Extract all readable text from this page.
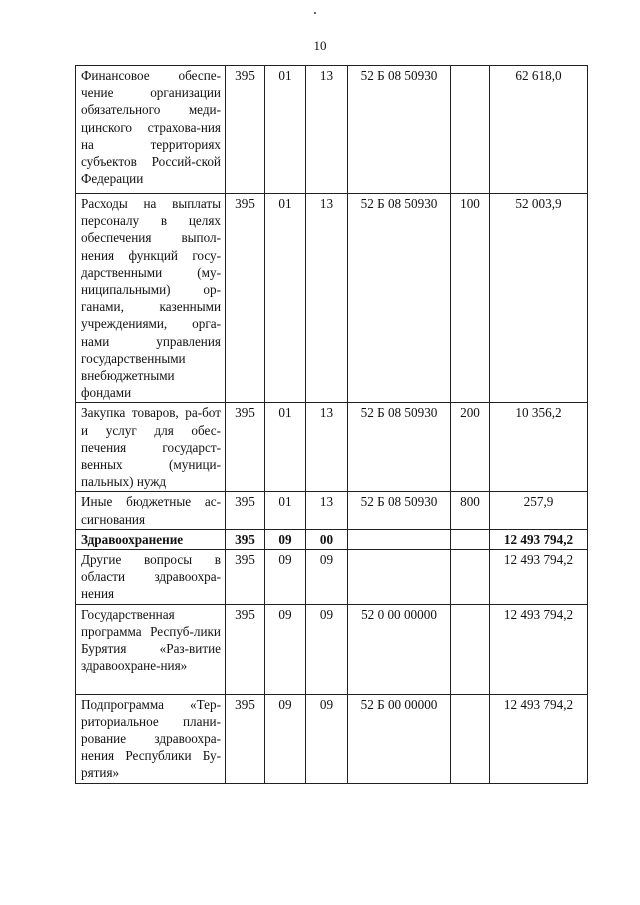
10
Финансовое обеспе-чение организации обязательного меди-цинского страхова-ния на территориях субъектов Россий-ской Федерации	395	01	13	52 Б 08 50930		62 618,0
Расходы на выплаты персоналу в целях обеспечения выпол-нения функций госу-дарственными (му-ниципальными) ор-ганами, казенными учреждениями, орга-нами управления государственными внебюджетными фондами	395	01	13	52 Б 08 50930	100	52 003,9
Закупка товаров, ра-бот и услуг для обес-печения государст-венных (муници-пальных) нужд	395	01	13	52 Б 08 50930	200	10 356,2
Иные бюджетные ас-сигнования	395	01	13	52 Б 08 50930	800	257,9
Здравоохранение	395	09	00			12 493 794,2
Другие вопросы в области здравоохра-нения	395	09	09			12 493 794,2
Государственная программа Респуб-лики Бурятия «Раз-витие здравоохране-ния»	395	09	09	52 0 00 00000		12 493 794,2
Подпрограмма «Тер-риториальное плани-рование здравоохра-нения Республики Бу-рятия»	395	09	09	52 Б 00 00000		12 493 794,2
